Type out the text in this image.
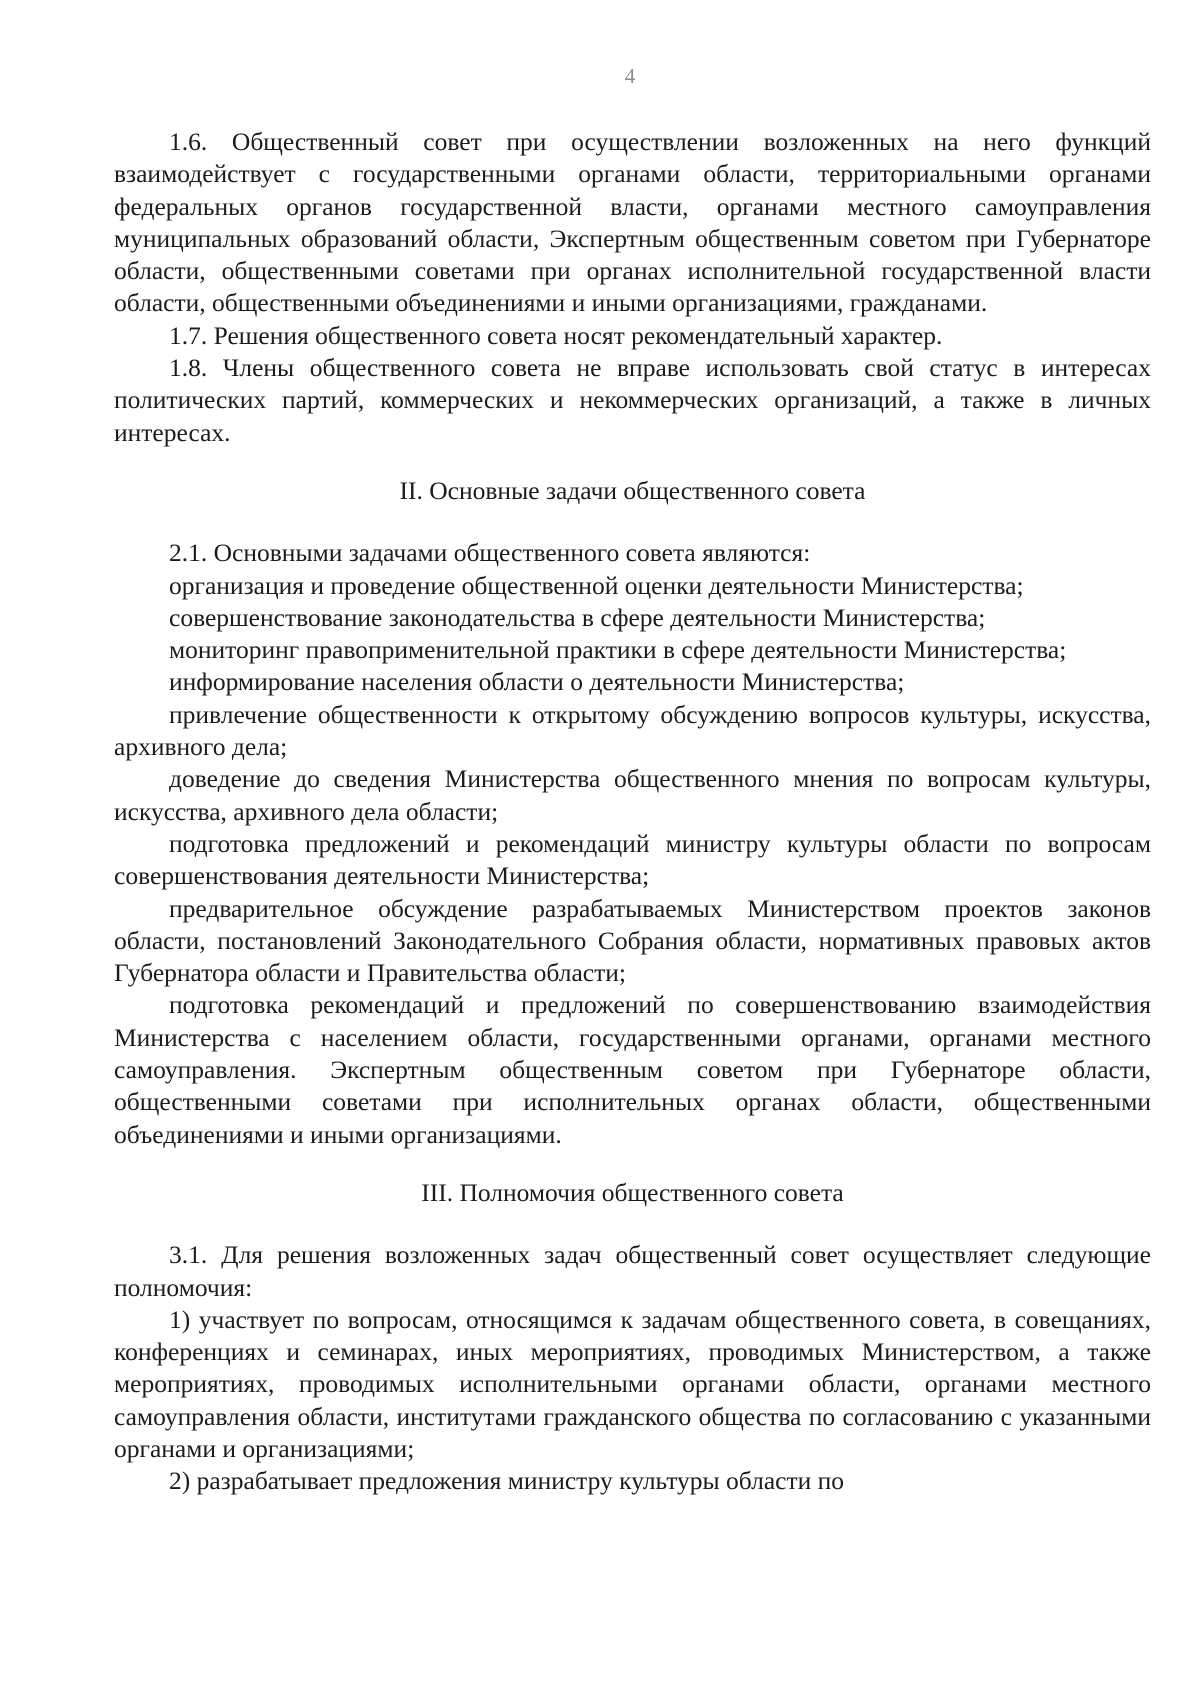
4

1.6. Общественный совет при осуществлении возложенных на него функций взаимодействует с государственными органами области, территориальными органами федеральных органов государственной власти, органами местного самоуправления муниципальных образований области, Экспертным общественным советом при Губернаторе области, общественными советами при органах исполнительной государственной власти области, общественными объединениями и иными организациями, гражданами.

1.7. Решения общественного совета носят рекомендательный характер.

1.8. Члены общественного совета не вправе использовать свой статус в интересах политических партий, коммерческих и некоммерческих организаций, а также в личных интересах.

II. Основные задачи общественного совета

2.1. Основными задачами общественного совета являются:

организация и проведение общественной оценки деятельности Министерства;

совершенствование законодательства в сфере деятельности Министерства;

мониторинг правоприменительной практики в сфере деятельности Министерства;

информирование населения области о деятельности Министерства;

привлечение общественности к открытому обсуждению вопросов культуры, искусства, архивного дела;

доведение до сведения Министерства общественного мнения по вопросам культуры, искусства, архивного дела области;

подготовка предложений и рекомендаций министру культуры области по вопросам совершенствования деятельности Министерства;

предварительное обсуждение разрабатываемых Министерством проектов законов области, постановлений Законодательного Собрания области, нормативных правовых актов Губернатора области и Правительства области;

подготовка рекомендаций и предложений по совершенствованию взаимодействия Министерства с населением области, государственными органами, органами местного самоуправления. Экспертным общественным советом при Губернаторе области, общественными советами при исполнительных органах области, общественными объединениями и иными организациями.

III. Полномочия общественного совета

3.1. Для решения возложенных задач общественный совет осуществляет следующие полномочия:

1) участвует по вопросам, относящимся к задачам общественного совета, в совещаниях, конференциях и семинарах, иных мероприятиях, проводимых Министерством, а также мероприятиях, проводимых исполнительными органами области, органами местного самоуправления области, институтами гражданского общества по согласованию с указанными органами и организациями;

2) разрабатывает предложения министру культуры области по
